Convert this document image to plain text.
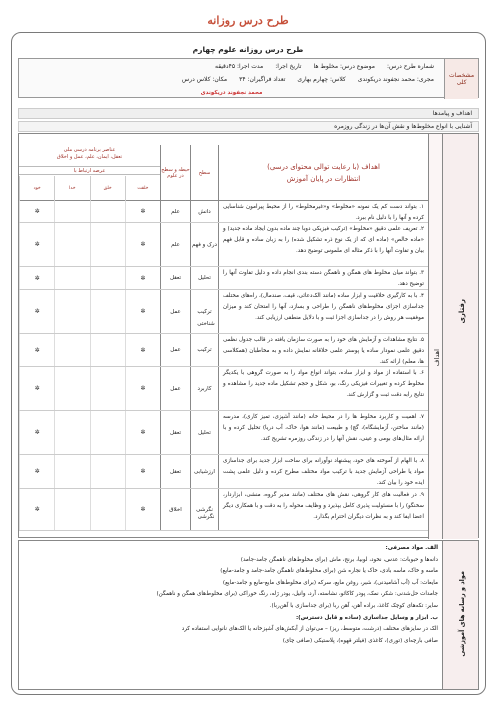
طرح درس روزانه
طرح درس روزانه علوم چهارم
مشخصات کلی
شماره طرح درس:
موضوع درس: مخلوط ها
تاریخ اجرا:
مدت اجرا: ۴۵دقیقه
مجری: محمد نجفوند دریکوندی
کلاس: چهارم بهاری
تعداد فراگیران: ۳۴
مکان: کلاس درس
محمد نجفوند دریکوندی
اهداف و پیامدها
آشنایی با انواع مخلوط‌ها و نقش آن‌ها در زندگی روزمره
رفتاری
اهداف
اهداف (با رعایت توالی محتوای درسی)
انتظارات در پایان آموزش
سطح
حیطه و سطح در علوم
عناصر برنامه درسی ملی
تعقل، ایمان، علم، عمل و اخلاق
عرصه ارتباط با
خلقت
خلق
خدا
خود
۱. بتواند دست کم یک نمونه «مخلوط» و«غیرمخلوط» را از محیط پیرامون شناسایی کرده و آنها را با دلیل نام ببرد.
دانش
علم
✲
✲
۲. تعریف علمی دقیق «مخلوط» (ترکیب فیزیکی دوبا چند ماده بدون ایجاد ماده جدید) و «ماده خالص» (ماده ای که از یک نوع ذره تشکیل شده) را به زبان ساده و قابل فهم بیان و تفاوت آنها را با ذکر مثاله ای ملموس توضیح دهد.
درک و فهم
علم
✲
✲
۳. بتواند میان مخلوط های همگن و ناهمگن دسته بندی انجام داده و دلیل تفاوت آنها را توضیح دهد.
تحلیل
تعقل
✲
✲
۴. با به کارگیری خلاقیت و ابزار ساده (مانند الک‌دعائی، قیف، صندمال)، راه‌های مختلف جداسازی اجزای مخلوط‌های ناهمگن را طراحی و بسازد، آنها را امتحان کند و میزان موفقیت هر روش را در جداسازی اجزا ثبت و با دلایل منطقی ارزیابی کند.
ترکیب
عمل
✲
✲
۵. نتایج مشاهدات و آزمایش های خود را به صورت سازمان یافته در قالب جدول نظمی دقیق علمی نمودار ساده یا پوستر علمی خلاقانه نمایش داده و به مخاطبان (همکلاسی ها، معلم) ارائه کند.
ترکیب
عمل
✲
✲
۶. با استفاده از مواد و ابزار ساده، بتواند انواع مواد را به صورت گروهی با یکدیگر مخلوط کرده و تغییرات فیزیکی رنگ، بو، شکل و حجم تشکیل ماده جدید را مشاهده و نتایج رابه دقت ثبت و گزارش کند.
کاربرد
عمل
✲
✲
۷. اهمیت و کاربرد مخلوط ها را در محیط خانه (مانند آشپزی، تمیز کاری)، مدرسه (مانند ساختن، آزمایشگاه)، گچ) و طبیعت (مانند هوا، خاک، آب دریا) تحلیل کرده و با ارائه مثال‌های بومی و عینی، نقش آنها را در زندگی روزمره تشریح کند.
تحلیل
تعقل
✲
✲
۸. با الهام از آموخته های خود، پیشنهاد نوآورانه برای ساخت ابزار جدید برای جداسازی مواد یا طراحی آزمایش جدید با ترکیب مواد مختلف مطرح کرده و دلیل علمی پشت ایده خود را بیان کند.
ارزشیابی
تعقل
✲
✲
۹. در فعالیت های کار گروهی، نقش های مختلف (مانند مدیر گروه، منشی، ابزاردار، سخنگو) را با مسئولیت پذیری کامل بپذیرد و وظایف محوله را به دقت و با همکاری دیگر اعضا ایفا کند و به نظرات دیگران احترام بگذارد.
نگرشی
اخلاق
✲
✲
شناختی
نگرشی
مواد و رسانه های آموزشی
الف. مواد مصرفی:
دانه‌ها و حبوبات: عدس، نخود، لوبیا، برنج، ماش (برای مخلوط‌های ناهمگن جامد-جامد)
ماسه و خاک، ماسه بادی، خاک یا نجاره شن (برای مخلوط‌های ناهمگن جامد-جامد و جامد-مایع)
مایعات: آب (آب آشامیدنی)، شیر، روغن مایع، سرکه (برای مخلوط‌های مایع-مایع و جامد-مایع)
جامدات حل‌شدنی: شکر، نمک، پودر کاکائو، نشاسته، آرد، وانیل، یودر ژله، رنگ خوراکی (برای مخلوط‌های همگن و ناهمگن)
سایر: تکه‌های کوچک کاغذ، براده آهن، آهن ربا (برای جداسازی با آهن‌ربا).
ب. ابزار و وسایل جداسازی (ساده و قابل دسترس):
الک در سایزهای مختلف (درشت، متوسط، ریز) – می‌توان از آبکش‌های آشپزخانه یا الک‌های نانوایی استفاده کرد
صافی بارچه‌ای (توری)، کاغذی (فیلتر قهوه)، پلاستیکی (صافی چای)
